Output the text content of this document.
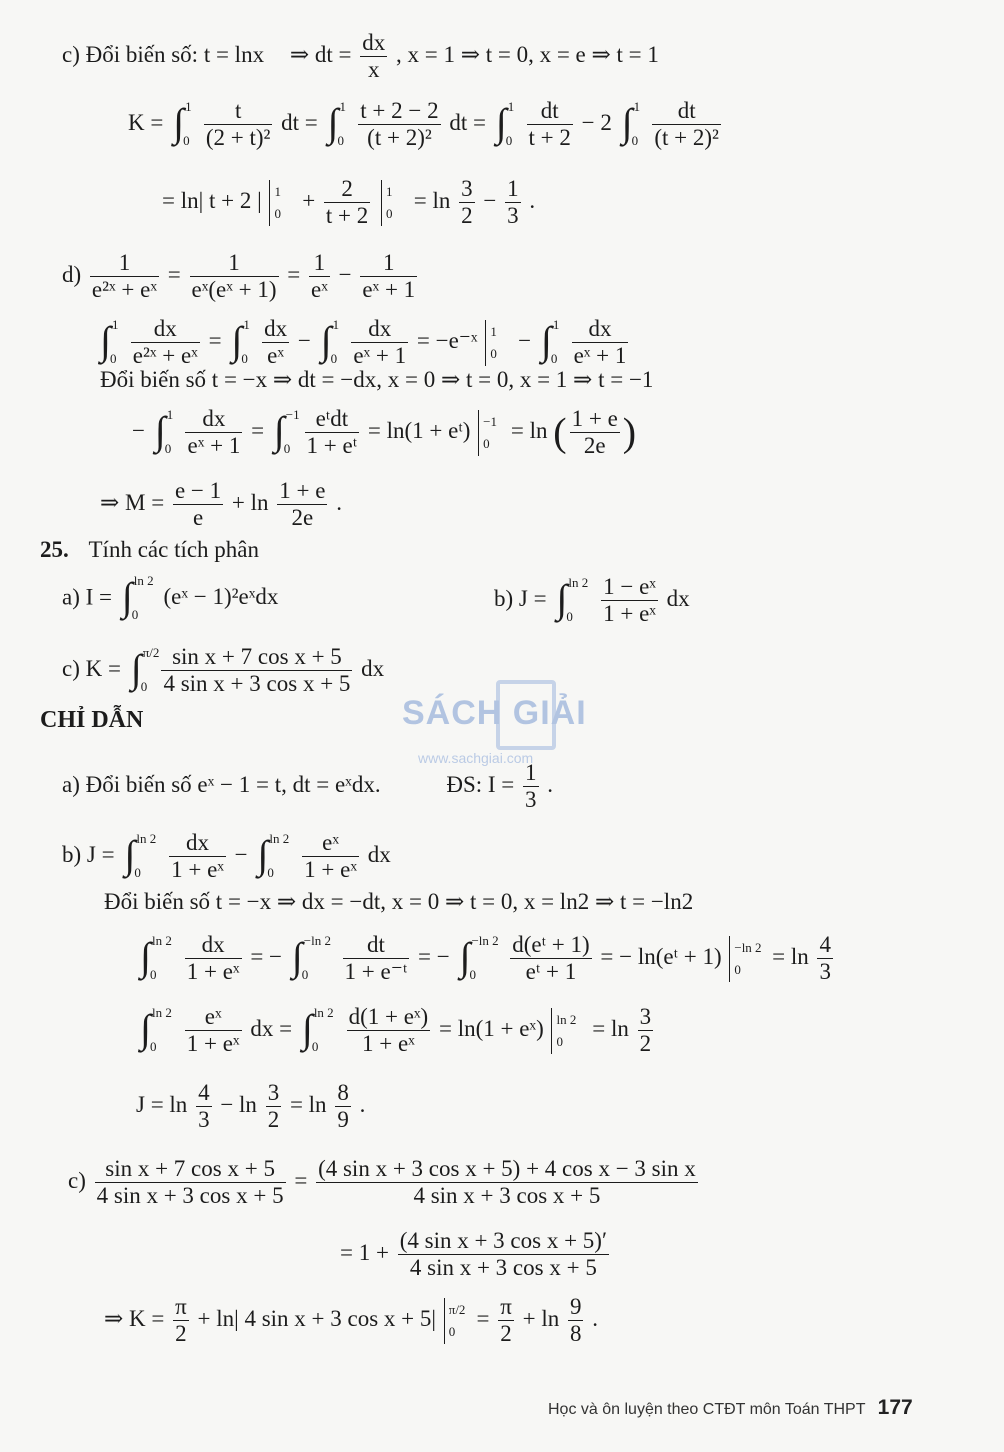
c) Đổi biến số: t = lnx ⇒ dt = $\frac{dx}{x}$ , x = 1 ⇒ t = 0, x = e ⇒ t = 1
K =
∫ 1
0
$\frac{t}{\text{(2 + t)²}}$ dt =
∫ 1
0
$\frac{t + 2 - 2}{\text{(t + 2)²}}$ dt =
∫ 1
0
$\frac{dt}{t + 2} - 2$
∫ 1
0
$\frac{dt}{\text{(t + 2)²}}$
= ln| t + 2 | 1
0
+ $\frac{2}{t + 2}$
1
0
= $\ln \frac{3}{2} - \frac{1}{3}$ .
$d) \frac{1}{\text{e²ˣ + eˣ}} = \frac{1}{\text{eˣ(eˣ + 1)}} = \frac{1}{\text{eˣ}} - \frac{1}{\text{eˣ + 1}}$
∫ 1
0
$\frac{dx}{\text{e²ˣ + eˣ}}$ =
∫ 1
0
$\frac{dx}{\text{eˣ}}$ −
∫ 1
0
$\frac{dx}{\text{eˣ + 1}}$ = −e⁻ˣ 1
0
−
∫ 1
0
$\frac{dx}{\text{eˣ + 1}}$
Đổi biến số t = −x ⇒ dt = −dx, x = 0 ⇒ t = 0, x = 1 ⇒ t = −1
−
∫ 1
0
$\frac{dx}{\text{eˣ + 1}}$ =
∫ −1
0

eᵗdt
1 + eᵗ
= ln(1 + eᵗ) −1
0
= ln ( $\frac{1 + e}{2e}$ )
⇒ $M = \frac{e - 1}{e} + \ln \frac{1 + e}{2e}$ .
25. Tính các tích phân
a) I =
∫ ln 2
0
(eˣ − 1)²eˣdx	b) J =
∫ ln 2
0
$\frac{\text{1 − eˣ}}{\text{1 + eˣ}}$ dx
c) K =
∫ π/2
0
$\frac{\text{sin x + 7 cos x + 5}}{\text{4 sin x + 3 cos x + 5}}$ dx
SÁCH GIẢI
www.sachgiai.com
CHỈ DẪN
a) Đổi biến số eˣ − 1 = t, dt = eˣdx.	ĐS: $I = \frac{1}{3}$ .
b) J =
∫ ln 2
0
$\frac{dx}{\text{1 + eˣ}}$ −
∫ ln 2
0
$\frac{\text{eˣ}}{\text{1 + eˣ}}$ dx
Đổi biến số t = −x ⇒ dx = −dt, x = 0 ⇒ t = 0, x = ln2 ⇒ t = −ln2
∫ ln 2
0
$\frac{dx}{\text{1 + eˣ}}$ = −
∫ −ln 2
0
$\frac{dt}{\text{1 + e⁻ᵗ}}$ = −
∫ −ln 2
0
$\frac{\text{d(eᵗ + 1)}}{\text{eᵗ + 1}}$ = − ln(eᵗ + 1) −ln 2
0
= $\ln \frac{4}{3}$
∫ ln 2
0
$\frac{\text{eˣ}}{\text{1 + eˣ}}$ dx =
∫ ln 2
0
$\frac{\text{d(1 + eˣ)}}{\text{1 + eˣ}} = \ln(1$ + eˣ) ln 2
0
= $\ln \frac{3}{2}$
$J = \ln \frac{4}{3} - \ln \frac{3}{2} = \ln \frac{8}{9}$ .
$c) \frac{\text{sin x + 7 cos x + 5}}{\text{4 sin x + 3 cos x + 5}} = \frac{\text{(4 sin x + 3 cos x + 5) + 4 cos x − 3 sin x}}{\text{4 sin x + 3 cos x + 5}}$
= $1 + \frac{\text{(4 sin x + 3 cos x + 5)′}}{\text{4 sin x + 3 cos x + 5}}$
⇒ $K = \frac{\pi}{2} + \ln|$ 4 sin x + 3 cos x + 5| π/2
0
= $\frac{\pi}{2} + \ln \frac{9}{8}$ .
Học và ôn luyện theo CTĐT môn Toán THPT 177
